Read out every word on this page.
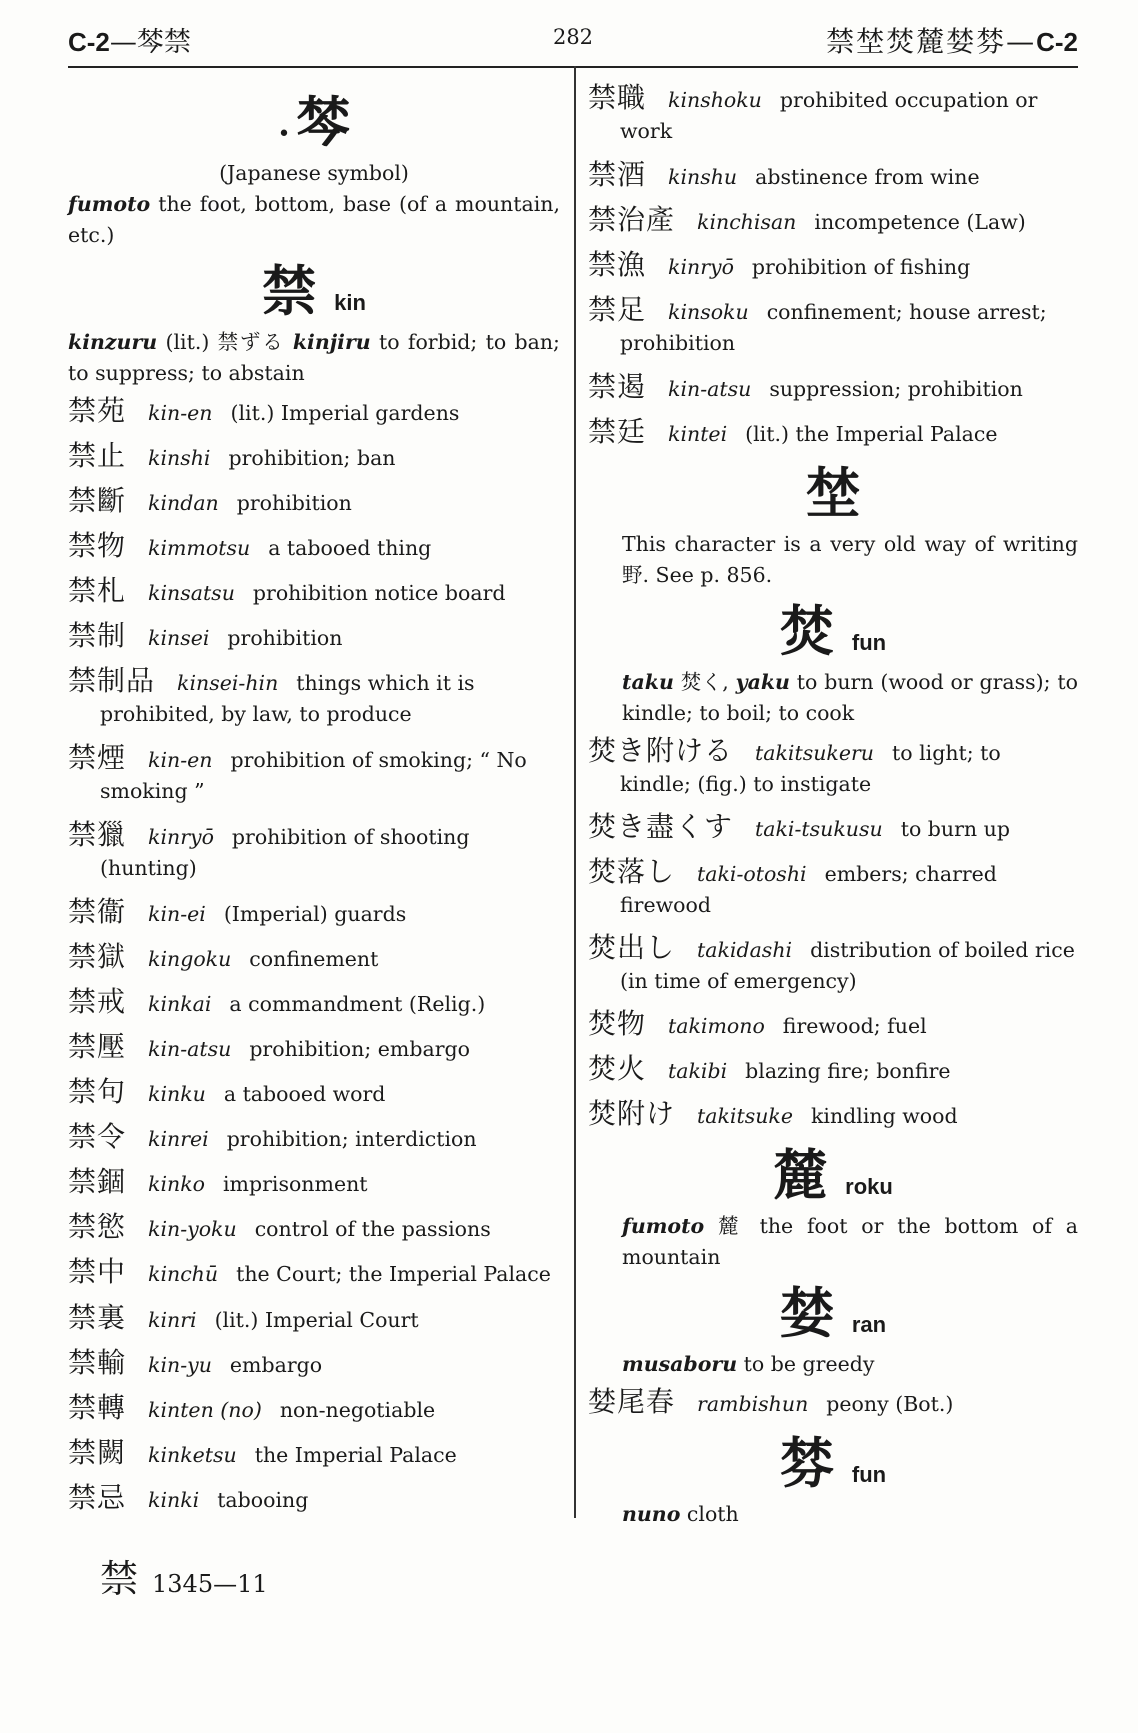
C-2—棽禁	282	禁埜焚麓婪棼—C-2
• 棽

(Japanese symbol)

fumoto the foot, bottom, base (of a mountain, etc.)

禁kin

kinzuru (lit.) 禁ずる kinjiru to forbid; to ban; to suppress; to abstain

禁苑 kin-en (lit.) Imperial gardens
禁止 kinshi prohibition; ban
禁斷 kindan prohibition
禁物 kimmotsu a tabooed thing
禁札 kinsatsu prohibition notice board
禁制 kinsei prohibition
禁制品 kinsei-hin things which it is prohibited, by law, to produce
禁煙 kin-en prohibition of smoking; “ No smoking ”
禁獵 kinryō prohibition of shooting (hunting)
禁衞 kin-ei (Imperial) guards
禁獄 kingoku confinement
禁戒 kinkai a commandment (Relig.)
禁壓 kin-atsu prohibition; embargo
禁句 kinku a tabooed word
禁令 kinrei prohibition; interdiction
禁錮 kinko imprisonment
禁慾 kin-yoku control of the passions
禁中 kinchū the Court; the Imperial Palace
禁裏 kinri (lit.) Imperial Court
禁輸 kin-yu embargo
禁轉 kinten (no) non-negotiable
禁闕 kinketsu the Imperial Palace
禁忌 kinki tabooing
禁職 kinshoku prohibited occupation or work
禁酒 kinshu abstinence from wine
禁治產 kinchisan incompetence (Law)
禁漁 kinryō prohibition of fishing
禁足 kinsoku confinement; house arrest; prohibition
禁遏 kin-atsu suppression; prohibition
禁廷 kintei (lit.) the Imperial Palace
埜

This character is a very old way of writing 野. See p. 856.

焚fun

taku 焚く, yaku to burn (wood or grass); to kindle; to boil; to cook

焚き附ける takitsukeru to light; to kindle; (fig.) to instigate
焚き盡くす taki-tsukusu to burn up
焚落し taki-otoshi embers; charred firewood
焚出し takidashi distribution of boiled rice (in time of emergency)
焚物 takimono firewood; fuel
焚火 takibi blazing fire; bonfire
焚附け takitsuke kindling wood
麓roku

fumoto 麓 the foot or the bottom of a mountain

婪ran

musaboru to be greedy

婪尾春 rambishun peony (Bot.)
棼fun

nuno cloth

禁 1345—11
